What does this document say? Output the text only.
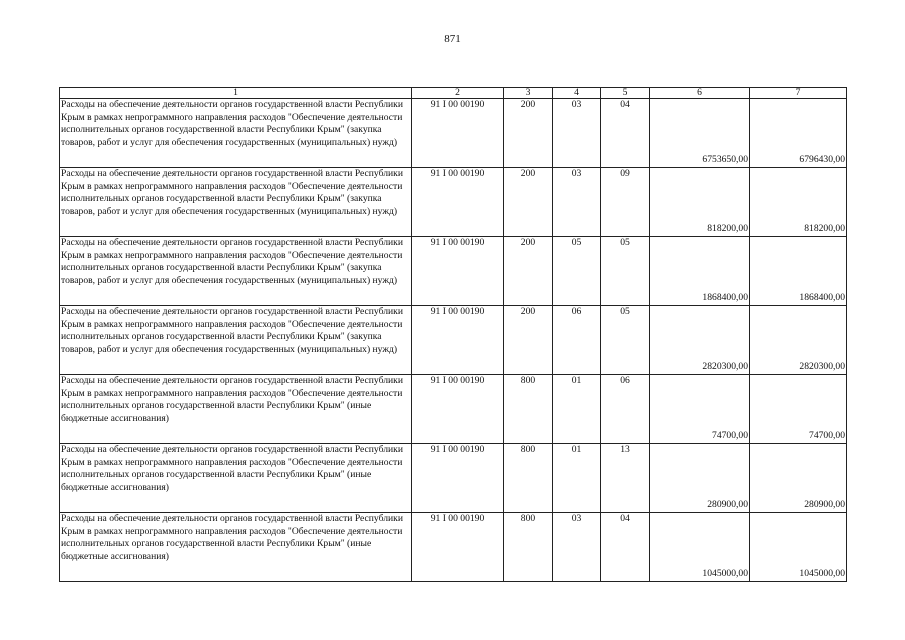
871
1	2	3	4	5	6	7
Расходы на обеспечение деятельности органов государственной власти Республики Крым в рамках непрограммного направления расходов "Обеспечение деятельности исполнительных органов государственной власти Республики Крым" (закупка товаров, работ и услуг для обеспечения государственных (муниципальных) нужд)	91 I 00 00190	200	03	04	6753650,00	6796430,00
Расходы на обеспечение деятельности органов государственной власти Республики Крым в рамках непрограммного направления расходов "Обеспечение деятельности исполнительных органов государственной власти Республики Крым" (закупка товаров, работ и услуг для обеспечения государственных (муниципальных) нужд)	91 I 00 00190	200	03	09	818200,00	818200,00
Расходы на обеспечение деятельности органов государственной власти Республики Крым в рамках непрограммного направления расходов "Обеспечение деятельности исполнительных органов государственной власти Республики Крым" (закупка товаров, работ и услуг для обеспечения государственных (муниципальных) нужд)	91 I 00 00190	200	05	05	1868400,00	1868400,00
Расходы на обеспечение деятельности органов государственной власти Республики Крым в рамках непрограммного направления расходов "Обеспечение деятельности исполнительных органов государственной власти Республики Крым" (закупка товаров, работ и услуг для обеспечения государственных (муниципальных) нужд)	91 I 00 00190	200	06	05	2820300,00	2820300,00
Расходы на обеспечение деятельности органов государственной власти Республики Крым в рамках непрограммного направления расходов "Обеспечение деятельности исполнительных органов государственной власти Республики Крым" (иные бюджетные ассигнования)	91 I 00 00190	800	01	06	74700,00	74700,00
Расходы на обеспечение деятельности органов государственной власти Республики Крым в рамках непрограммного направления расходов "Обеспечение деятельности исполнительных органов государственной власти Республики Крым" (иные бюджетные ассигнования)	91 I 00 00190	800	01	13	280900,00	280900,00
Расходы на обеспечение деятельности органов государственной власти Республики Крым в рамках непрограммного направления расходов "Обеспечение деятельности исполнительных органов государственной власти Республики Крым" (иные бюджетные ассигнования)	91 I 00 00190	800	03	04	1045000,00	1045000,00
